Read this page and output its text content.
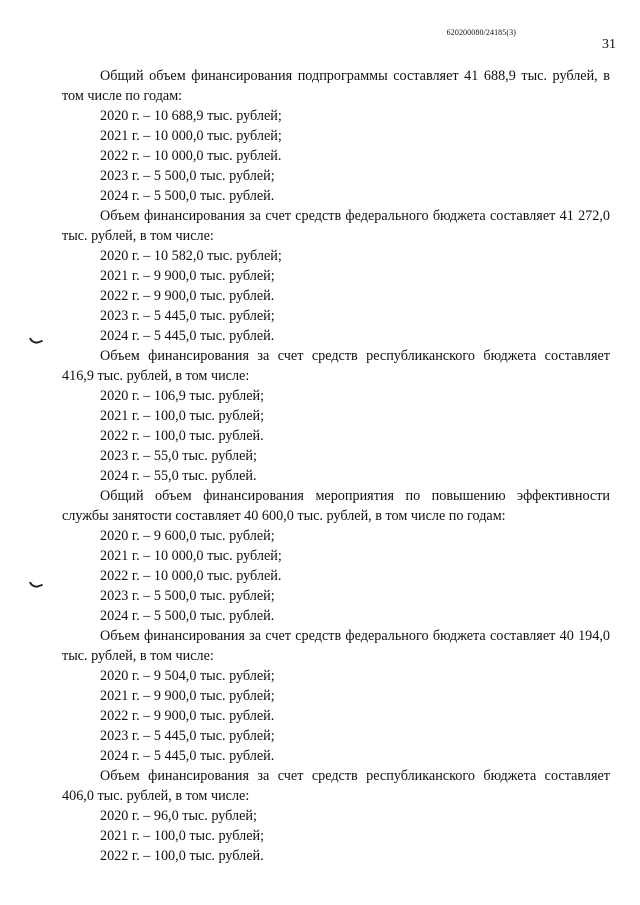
620200080/24185(3)
31

Общий объем финансирования подпрограммы составляет 41 688,9 тыс. рублей, в том числе по годам:

2020 г. – 10 688,9 тыс. рублей;

2021 г. – 10 000,0 тыс. рублей;

2022 г. – 10 000,0 тыс. рублей.

2023 г. – 5 500,0 тыс. рублей;

2024 г. – 5 500,0 тыс. рублей.

Объем финансирования за счет средств федерального бюджета составляет 41 272,0 тыс. рублей, в том числе:

2020 г. – 10 582,0 тыс. рублей;

2021 г. – 9 900,0 тыс. рублей;

2022 г. – 9 900,0 тыс. рублей.

2023 г. – 5 445,0 тыс. рублей;

2024 г. – 5 445,0 тыс. рублей.

Объем финансирования за счет средств республиканского бюджета составляет 416,9 тыс. рублей, в том числе:

2020 г. – 106,9 тыс. рублей;

2021 г. – 100,0 тыс. рублей;

2022 г. – 100,0 тыс. рублей.

2023 г. – 55,0 тыс. рублей;

2024 г. – 55,0 тыс. рублей.

Общий объем финансирования мероприятия по повышению эффективности службы занятости составляет 40 600,0 тыс. рублей, в том числе по годам:

2020 г. – 9 600,0 тыс. рублей;

2021 г. – 10 000,0 тыс. рублей;

2022 г. – 10 000,0 тыс. рублей.

2023 г. – 5 500,0 тыс. рублей;

2024 г. – 5 500,0 тыс. рублей.

Объем финансирования за счет средств федерального бюджета составляет 40 194,0 тыс. рублей, в том числе:

2020 г. – 9 504,0 тыс. рублей;

2021 г. – 9 900,0 тыс. рублей;

2022 г. – 9 900,0 тыс. рублей.

2023 г. – 5 445,0 тыс. рублей;

2024 г. – 5 445,0 тыс. рублей.

Объем финансирования за счет средств республиканского бюджета составляет 406,0 тыс. рублей, в том числе:

2020 г. – 96,0 тыс. рублей;

2021 г. – 100,0 тыс. рублей;

2022 г. – 100,0 тыс. рублей.
